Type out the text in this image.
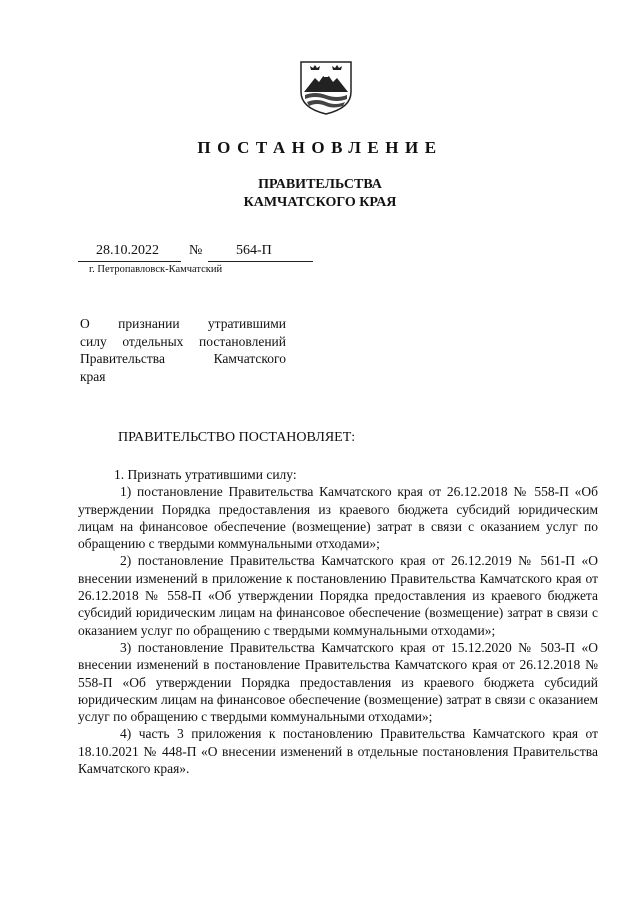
ПОСТАНОВЛЕНИЕ
ПРАВИТЕЛЬСТВА
КАМЧАТСКОГО КРАЯ
28.10.2022 № 564-П
г. Петропавловск-Камчатский
О признании утратившими
силу отдельных постановлений
Правительства Камчатского
края
ПРАВИТЕЛЬСТВО ПОСТАНОВЛЯЕТ:

1. Признать утратившими силу:

1) постановление Правительства Камчатского края от 26.12.2018 № 558-П «Об утверждении Порядка предоставления из краевого бюджета субсидий юридическим лицам на финансовое обеспечение (возмещение) затрат в связи с оказанием услуг по обращению с твердыми коммунальными отходами»;

2) постановление Правительства Камчатского края от 26.12.2019 № 561-П «О внесении изменений в приложение к постановлению Правительства Камчатского края от 26.12.2018 № 558-П «Об утверждении Порядка предоставления из краевого бюджета субсидий юридическим лицам на финансовое обеспечение (возмещение) затрат в связи с оказанием услуг по обращению с твердыми коммунальными отходами»;

3) постановление Правительства Камчатского края от 15.12.2020 № 503-П «О внесении изменений в постановление Правительства Камчатского края от 26.12.2018 № 558-П «Об утверждении Порядка предоставления из краевого бюджета субсидий юридическим лицам на финансовое обеспечение (возмещение) затрат в связи с оказанием услуг по обращению с твердыми коммунальными отходами»;

4) часть 3 приложения к постановлению Правительства Камчатского края от 18.10.2021 № 448-П «О внесении изменений в отдельные постановления Правительства Камчатского края».
